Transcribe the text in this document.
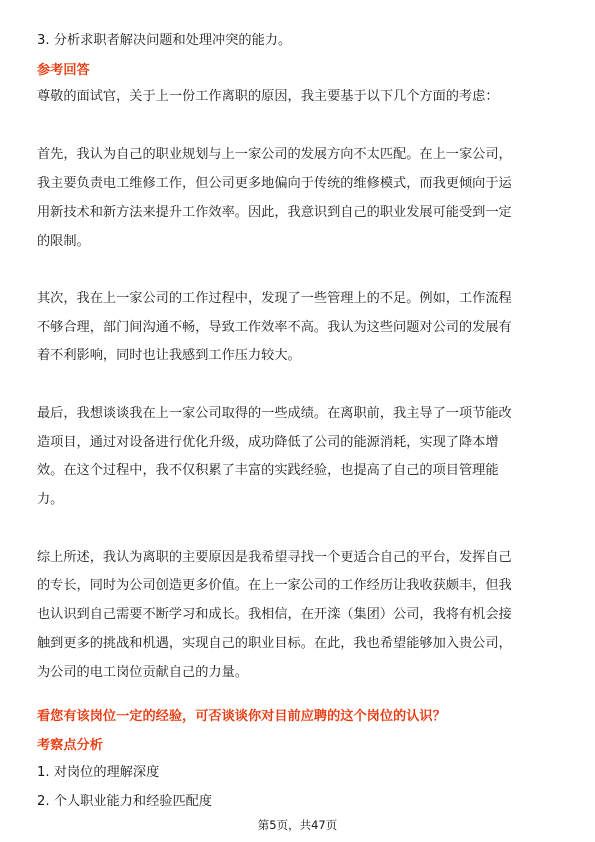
3. 分析求职者解决问题和处理冲突的能力。
参考回答
尊敬的面试官，关于上一份工作离职的原因，我主要基于以下几个方面的考虑：
首先，我认为自己的职业规划与上一家公司的发展方向不太匹配。在上一家公司，
我主要负责电工维修工作，但公司更多地偏向于传统的维修模式，而我更倾向于运
用新技术和新方法来提升工作效率。因此，我意识到自己的职业发展可能受到一定
的限制。
其次，我在上一家公司的工作过程中，发现了一些管理上的不足。例如，工作流程
不够合理，部门间沟通不畅，导致工作效率不高。我认为这些问题对公司的发展有
着不利影响，同时也让我感到工作压力较大。
最后，我想谈谈我在上一家公司取得的一些成绩。在离职前，我主导了一项节能改
造项目，通过对设备进行优化升级，成功降低了公司的能源消耗，实现了降本增
效。在这个过程中，我不仅积累了丰富的实践经验，也提高了自己的项目管理能
力。
综上所述，我认为离职的主要原因是我希望寻找一个更适合自己的平台，发挥自己
的专长，同时为公司创造更多价值。在上一家公司的工作经历让我收获颇丰，但我
也认识到自己需要不断学习和成长。我相信，在开滦（集团）公司，我将有机会接
触到更多的挑战和机遇，实现自己的职业目标。在此，我也希望能够加入贵公司，
为公司的电工岗位贡献自己的力量。
看您有该岗位一定的经验，可否谈谈你对目前应聘的这个岗位的认识？
考察点分析
1. 对岗位的理解深度
2. 个人职业能力和经验匹配度
第5页，共47页
